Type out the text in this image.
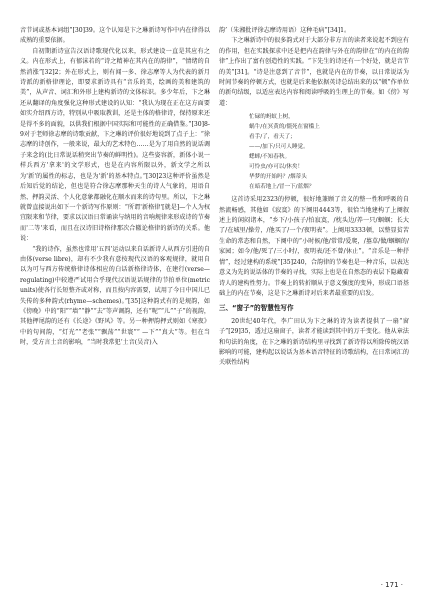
音节词或基本词组”[30]39。这个认知是卞之琳新诗写作中内在律得以成熟的重要依据。

自初期新诗宣告汉语诗歌现代化以来，形式建设一直是其应有之义。内在形式上，有郁沫若的“诗之精神在其内在的韵律”，“情绪的自然消涨”[32]2；外在形式上，则有闻一多、徐志摩等人为代表的新月诗派的新格律理论，即要求新诗具有“音乐的美，绘画的美和建筑的美”，从声音、词汇和外形上建构新诗的文体标识。多少年后，卞之琳还从翻译的角度强化这种形式建设的认知：“我认为现在正在这方面要如实介绍西方诗，特别从中吸取教训，还是主体的格律诗，保持原来还是得不多的面貌，以供我们根据中国实际和可能性的正确借鉴。”[30]8-9对于老师徐志摩的诗歌贡献，卞之琳的评价很好地说到了点子上：“徐志摩的诗创作，一般来说，最大的艺术特色……是为了用自然的说话调子来念的(比日常说话稍突出节奏的鲜明性)。这些姿容新，新体小说一样兵西方'拿来'的文学形式，也是在内容所限以外，新文学之所以为'新'的属性的标志，也是为'新'的基本特点。”[30]23这种评价虽然是后知后觉的结论，但也是符合徐志摩那种天生的诗人气象的，用语自然、押韵灵活、个人化意象都融化在顺水而来的诗句里。所以，卞之琳就曾直接说出如下一个新诗写作原则：“所谓'新格律'[就是]—个人为权宜限来和节律，要求以汉语日常诵读与纳用的音响规律来形成诗的节奏而'二等'来看，而且在汉诗旧诗格律那次合辙论格律的新诗的关系。他说：

“我的诗作，虽然也常用‘五四’运动以来自话新诗人从西方引进的自由体(verse libre)，却有不少我有意按现代汉语的客观规律，就用自以为可与西方传统格律诗体相应的白话新格律诗体，在建行(verse—regulating)中较遵严试用合乎现代汉语说话规律的节拍单位(metric units)使各行长短整齐或对称，而且按内容需要，试用了今日中国儿已失传的多种韵式(rhyme—schemes)。”[35]这种韵式有的是规韵，如《傍晚》中的“阳”“墙”“静”“去”等声调韵，还有“呢”“儿”“子”的视韵，其他押尾韵的还有《长途》《野风》等。另一种押韵押式则如《寒夜》中的句间韵，“灯光”“老张”“飘荡”“世寰”“ —下”“真大”等。但在当时，受方言土音的影响，“当时我常犯‘土音(吴音)入

韵’（朱湘批评徐志摩诗用语）这种毛病”[34]1。

卞之琳新诗中的很多韵式对于大部分非方言的读者来说起不到应有的作用，但在实践探求中还是把内在韵律与外在的韵律在“的内在的韵律”上作出了富有创造性的实践。“卞先生的诗还有一个好处，就是音节的美”[31]。“诗是注意到了音节”，也就是内在的节奏，以日常说话为时间节奏的停顿方式，也就是后来他依据英诗总结出来的以“顿”作单位的新句结级，以适应表达内容和阅读呼吸的生理上的节奏。如《傍》写道：

忙碌的蚂蚁上树，
蜗牛/在冥黄的/僵死在窗槛上
看手/了，看天了；
——/加下/只可人睡觉。
蟋蟀/不知春秋。
可怜虫/亦可以/休矣！
华梦的开始吗？/烟蒂头
在暗若地上/冒一下/蓝烟？

这首诗采用2323的停顿，很好地兼顾了音义的整一性和呼吸的自然流畅感，其他如《寂寞》的下阕用4443等，很恰当地建构了上阕叙述上的闲闷诸本，“乡下/小孩子/怕寂寞，/枕头边/养一只/蝈蝈；长大了/在城里/操劳，/他买了/一个/夜明表”。上阕用3333顿，以整显贫苦生命的常态和自然，下阕中的“小时候/他/常常/爱爬，/墓草/做/蝈蝈的/家园；如今/他/死了/三小时/，夜明表/还不曾/休止”。“音乐是一种抒情”，经过建构的系统”[35]240，合韵律的节奏也是一种音乐，以表达意义为先的说话体的节奏的寻找，实际上也是在自然态的表层下隐藏着诗人的建构性努力。节奏上的转折顺从于意义强度的变异，形成口语基础上的内在节奏，这是卞之琳新诗对后来者最重要的启发。

三、“窗子”的智慧性写作

20世纪40年代，李广田认为卞之琳的诗为读者提供了一扇“窗子”[29]35，透过这扇窗子，读者才能读到其中的万千变化。他从章法和句法的角度，在卞之琳的新诗结构里寻找到了新诗得以所除传统汉语影响的可能，建构起以说话为基本语音特征的诗歌结构，在日常词汇的关联性结构

· 171 ·
